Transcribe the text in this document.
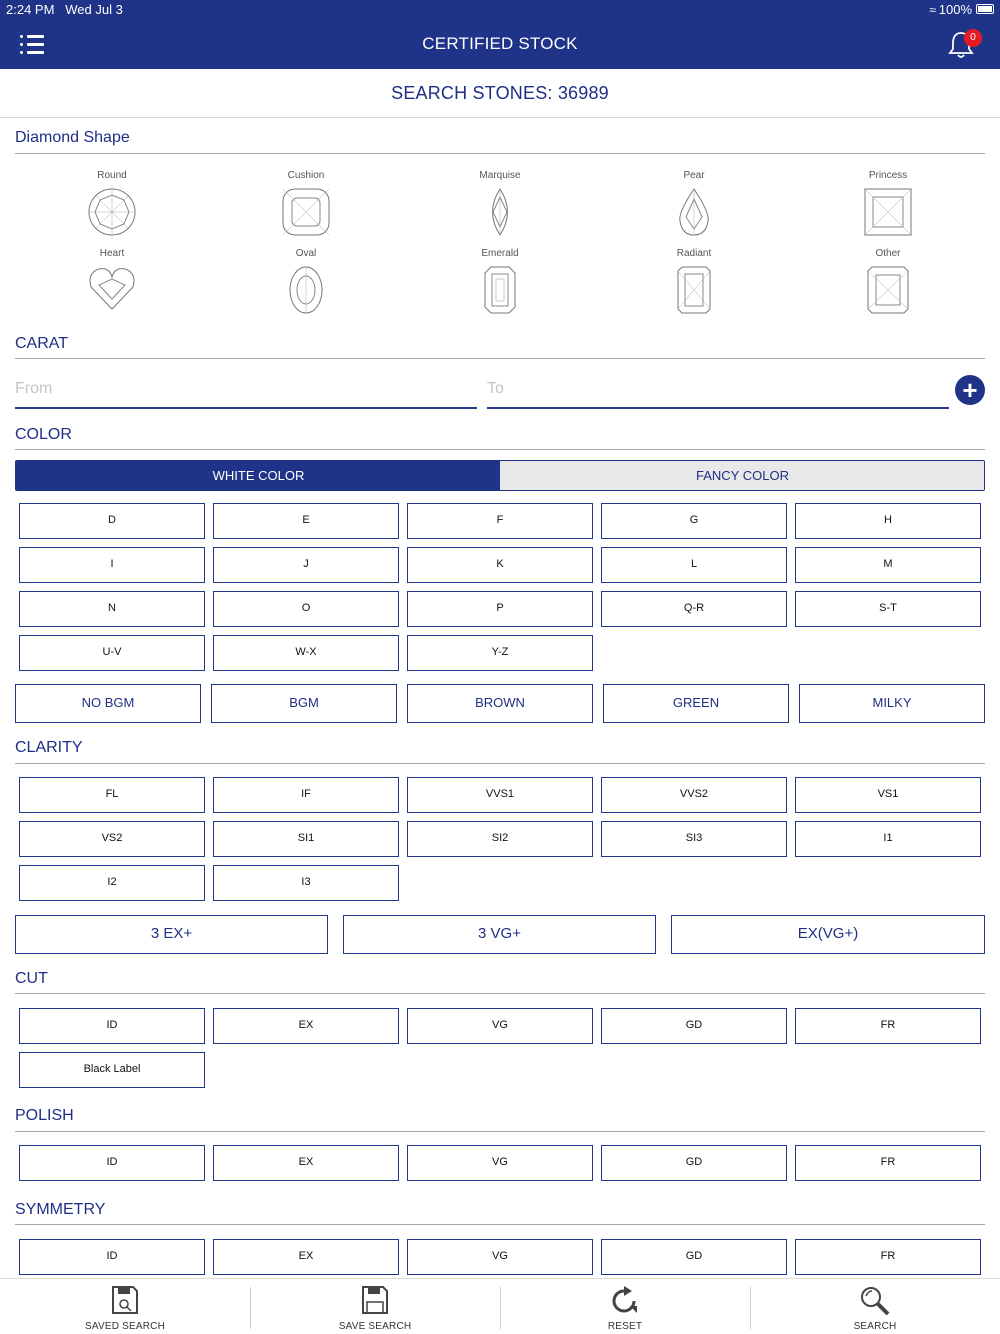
2:24 PM Wed Jul 3	≈ 100%
CERTIFIED STOCK	0
SEARCH STONES: 36989
Diamond Shape
Round	Cushion	Marquise	Pear	Princess
Heart	Oval	Emerald	Radiant	Other
CARAT
From	To	+
COLOR
WHITE COLOR	FANCY COLOR
D	E	F	G	H
I	J	K	L	M
N	O	P	Q-R	S-T
U-V	W-X	Y-Z
NO BGM	BGM	BROWN	GREEN	MILKY
CLARITY
FL	IF	VVS1	VVS2	VS1
VS2	SI1	SI2	SI3	I1
I2	I3
3 EX+	3 VG+	EX(VG+)
CUT
ID	EX	VG	GD	FR
Black Label
POLISH
ID	EX	VG	GD	FR
SYMMETRY
ID	EX	VG	GD	FR
SAVED SEARCH	SAVE SEARCH	RESET	SEARCH
